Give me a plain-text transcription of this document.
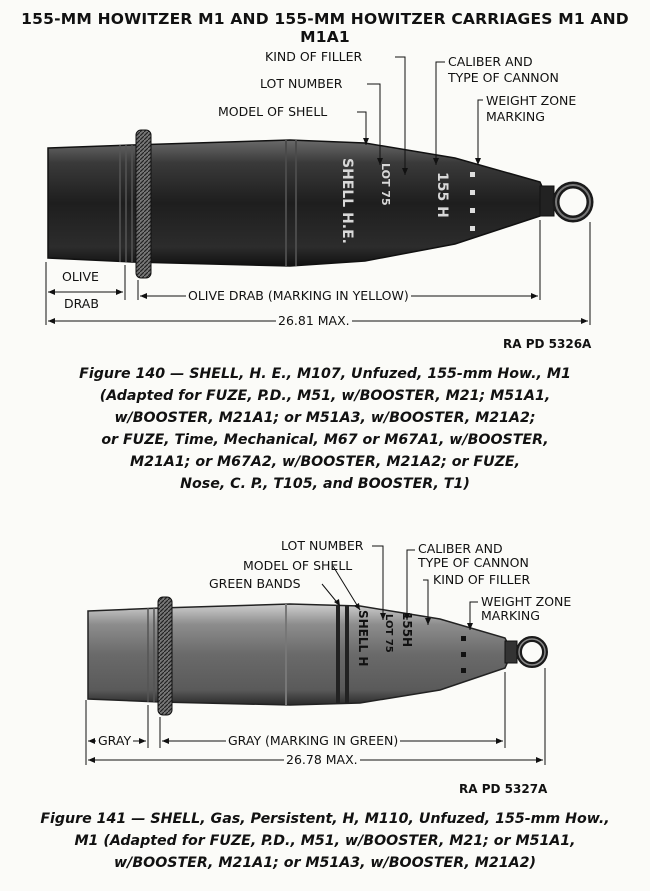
155-MM HOWITZER M1 AND 155-MM HOWITZER CARRIAGES M1 AND M1A1
SHELL H.E. LOT 75	155 H
SHELL H LOT 75 155H
KIND OF FILLER
LOT NUMBER
MODEL OF SHELL
CALIBER AND
TYPE OF CANNON
WEIGHT ZONE
MARKING
OLIVE
DRAB
OLIVE DRAB (MARKING IN YELLOW)
26.81 MAX.
RA PD 5326A
Figure 140 — SHELL, H. E., M107, Unfuzed, 155-mm How., M1
(Adapted for FUZE, P.D., M51, w/BOOSTER, M21; M51A1,
w/BOOSTER, M21A1; or M51A3, w/BOOSTER, M21A2;
or FUZE, Time, Mechanical, M67 or M67A1, w/BOOSTER,
M21A1; or M67A2, w/BOOSTER, M21A2; or FUZE,
Nose, C. P., T105, and BOOSTER, T1)
LOT NUMBER
MODEL OF SHELL
GREEN BANDS
CALIBER AND
TYPE OF CANNON
KIND OF FILLER
WEIGHT ZONE
MARKING
GRAY	GRAY (MARKING IN GREEN)
26.78 MAX.
RA PD 5327A
Figure 141 — SHELL, Gas, Persistent, H, M110, Unfuzed, 155-mm How.,
M1 (Adapted for FUZE, P.D., M51, w/BOOSTER, M21; or M51A1,
w/BOOSTER, M21A1; or M51A3, w/BOOSTER, M21A2)
